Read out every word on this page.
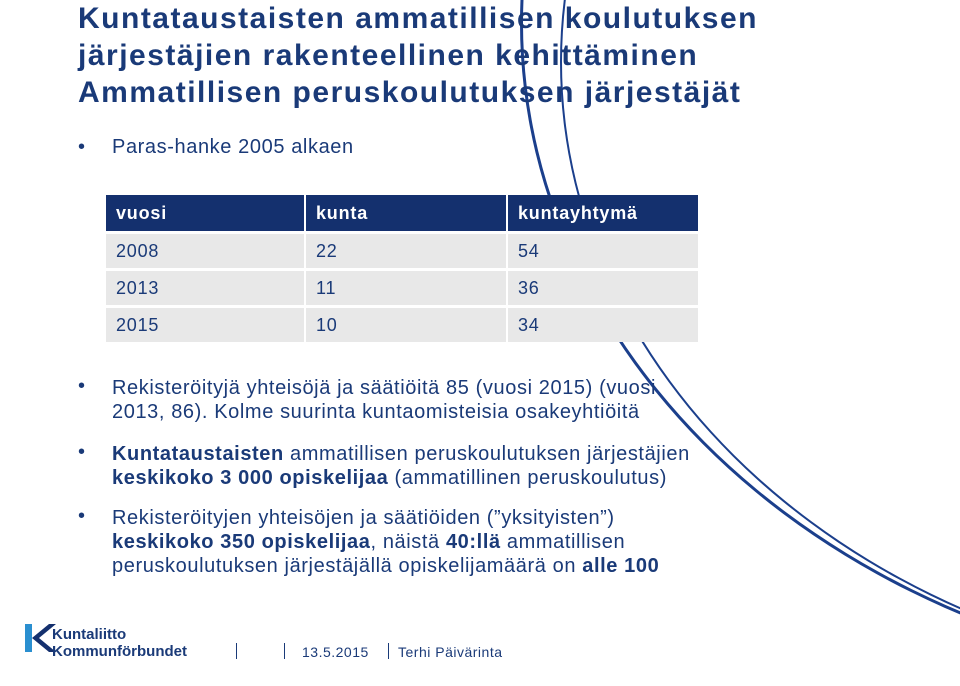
Kuntataustaisten ammatillisen koulutuksen
järjestäjien rakenteellinen kehittäminen
Ammatillisen peruskoulutuksen järjestäjät
• Paras-hanke 2005 alkaen
vuosi	kunta	kuntayhtymä
2008	22	54
2013	11	36
2015	10	34
• Rekisteröityjä yhteisöjä ja säätiöitä 85 (vuosi 2015) (vuosi
2013, 86). Kolme suurinta kuntaomisteisia osakeyhtiöitä
• Kuntataustaisten ammatillisen peruskoulutuksen järjestäjien
keskikoko 3 000 opiskelijaa (ammatillinen peruskoulutus)
• Rekisteröityjen yhteisöjen ja säätiöiden (”yksityisten”)
keskikoko 350 opiskelijaa, näistä 40:llä ammatillisen
peruskoulutuksen järjestäjällä opiskelijamäärä on alle 100
Kuntaliitto
Kommunförbundet	13.5.2015 Terhi Päivärinta
